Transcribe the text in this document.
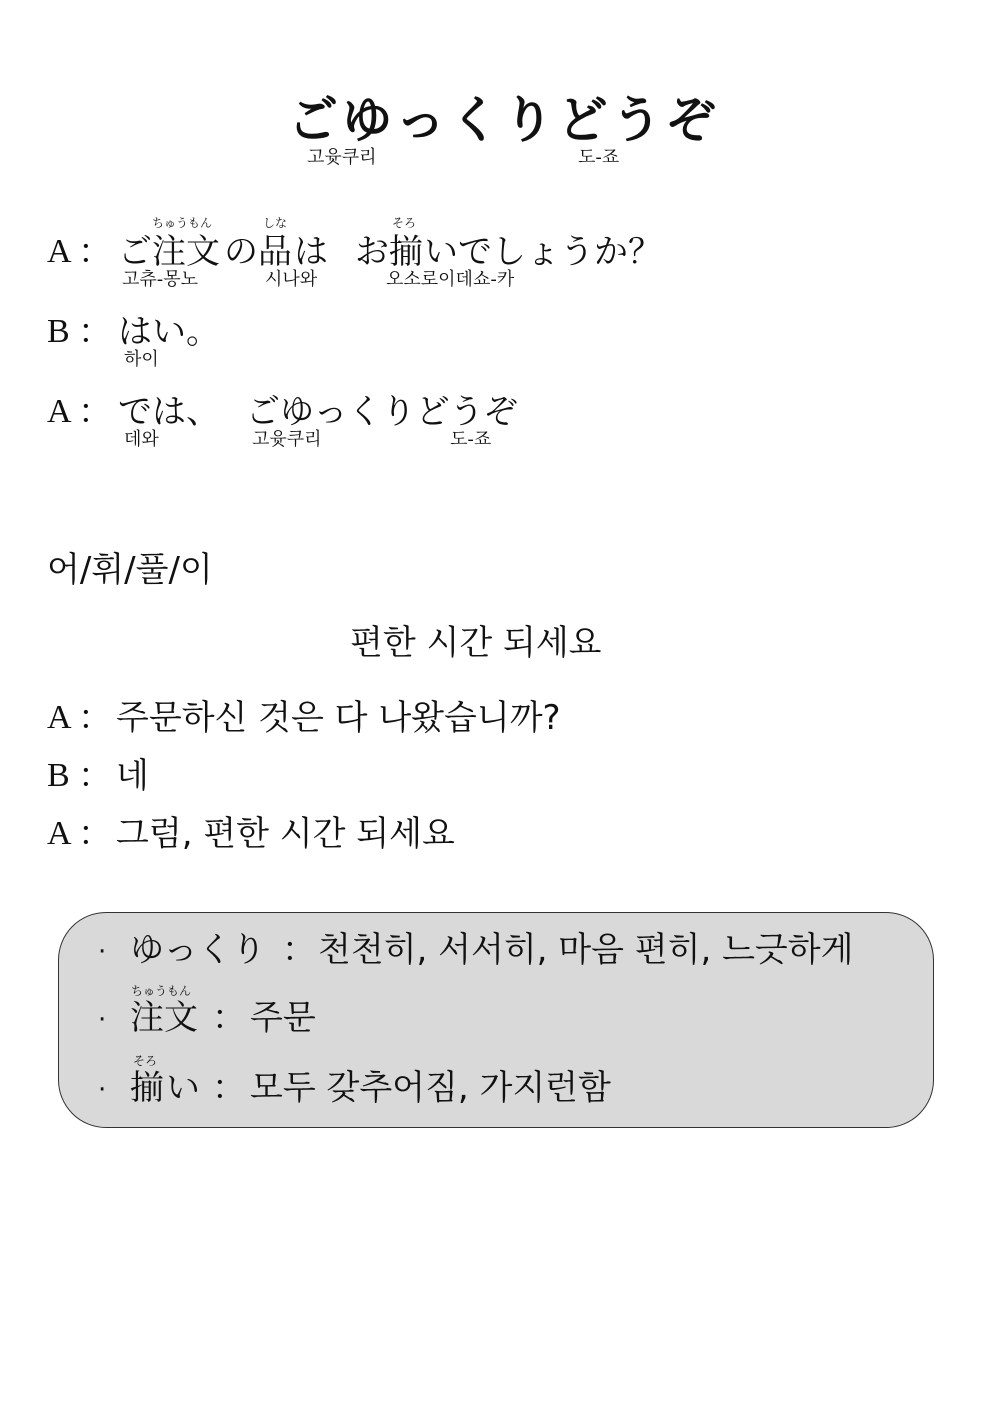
ごゆっくりどうぞ
고윳쿠리	도-죠
A ：
ちゅうもん	しな	そろ
ご 注文 の 品 は お 揃 いでしょうか？
고츄-몽노	시나와	오소로이데쇼-카
B ： はい。
하이
A ： では、 ごゆっくりどうぞ
데와	고윳쿠리	도-죠
어/휘/풀/이
편한 시간 되세요
A ： 주문하신 것은 다 나왔습니까?
B ： 네
A ： 그럼, 편한 시간 되세요
· ゆっくり ： 천천히, 서서히, 마음 편히, 느긋하게
ちゅうもん
· 注文 ： 주문
そろ
· 揃 い ： 모두 갖추어짐, 가지런함
